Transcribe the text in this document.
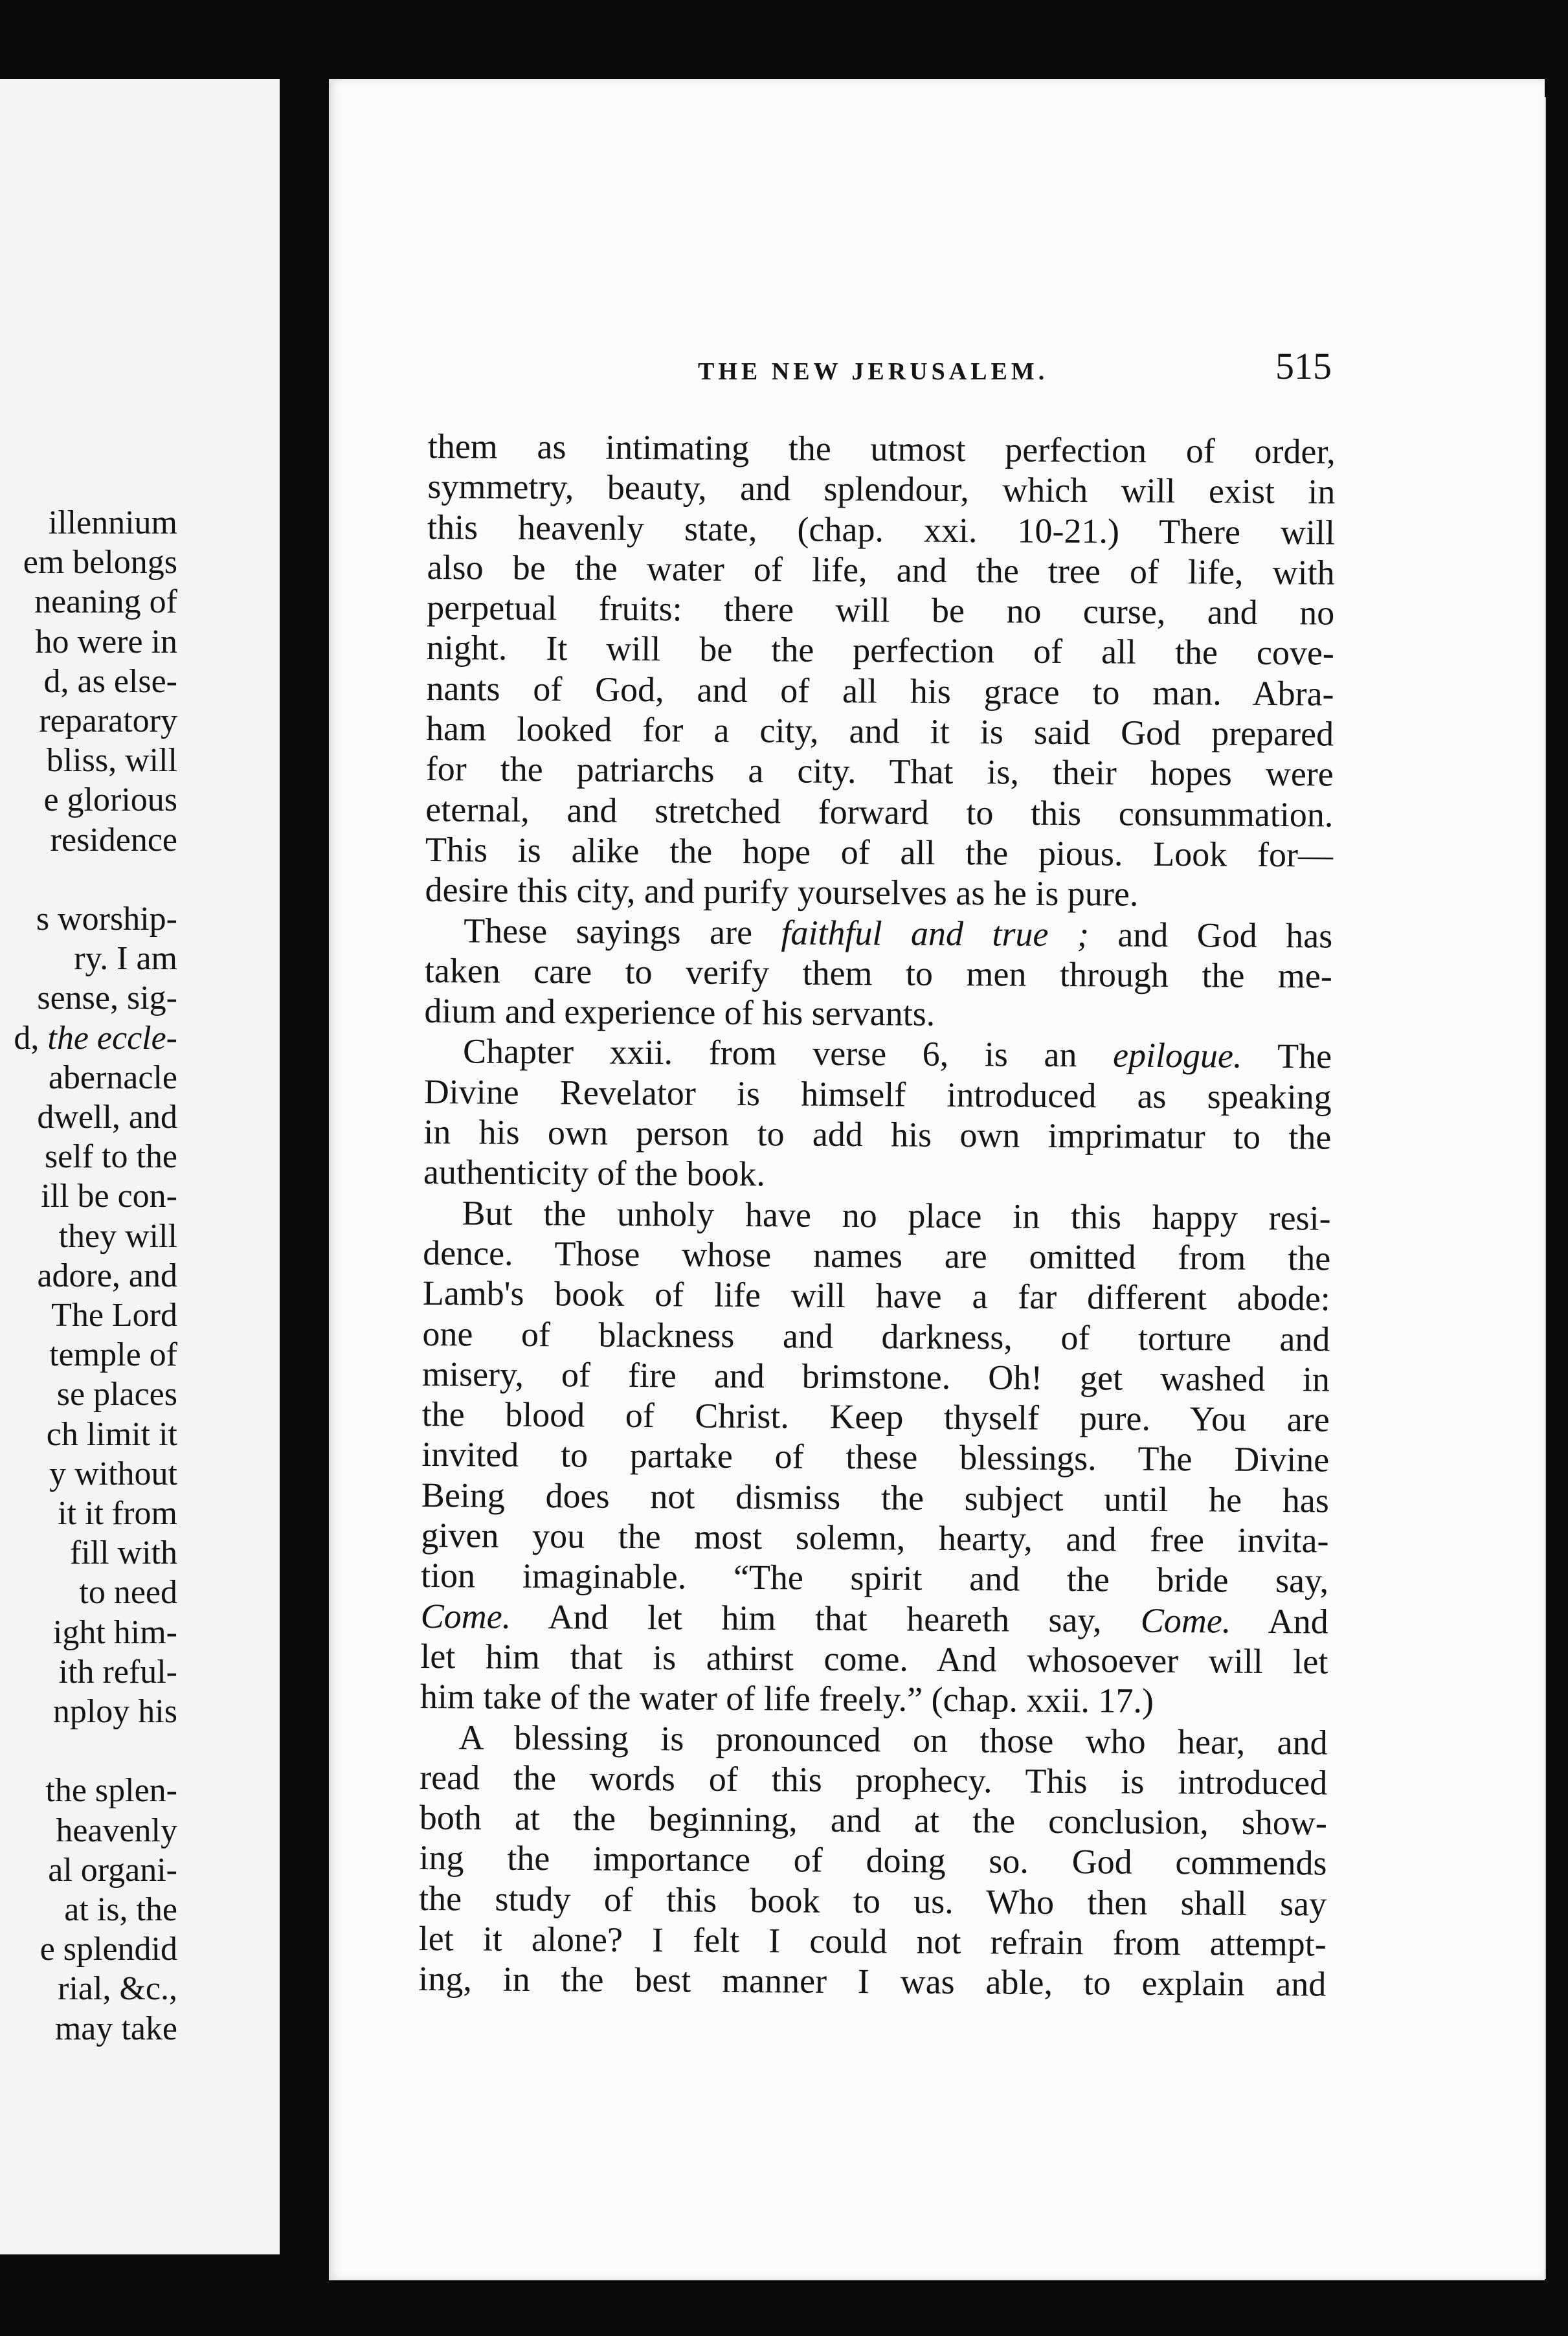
illennium
em belongs
neaning of
ho were in
d, as else-
reparatory
bliss, will
e glorious
residence

s worship-
ry. I am
sense, sig-
d, the eccle-
abernacle
dwell, and
self to the
ill be con-
they will
adore, and
The Lord
temple of
se places
ch limit it
y without
it it from
fill with
to need
ight him-
ith reful-
nploy his

the splen-
heavenly
al organi-
at is, the
e splendid
rial, &c.,
may take
THE NEW JERUSALEM.	515
them as intimating the utmost perfection of order,
symmetry, beauty, and splendour, which will exist in
this heavenly state, (chap. xxi. 10-21.) There will
also be the water of life, and the tree of life, with
perpetual fruits: there will be no curse, and no
night. It will be the perfection of all the cove-
nants of God, and of all his grace to man. Abra-
ham looked for a city, and it is said God prepared
for the patriarchs a city. That is, their hopes were
eternal, and stretched forward to this consummation.
This is alike the hope of all the pious. Look for—
desire this city, and purify yourselves as he is pure.
These sayings are faithful and true ; and God has
taken care to verify them to men through the me-
dium and experience of his servants.
Chapter xxii. from verse 6, is an epilogue. The
Divine Revelator is himself introduced as speaking
in his own person to add his own imprimatur to the
authenticity of the book.
But the unholy have no place in this happy resi-
dence. Those whose names are omitted from the
Lamb's book of life will have a far different abode:
one of blackness and darkness, of torture and
misery, of fire and brimstone. Oh! get washed in
the blood of Christ. Keep thyself pure. You are
invited to partake of these blessings. The Divine
Being does not dismiss the subject until he has
given you the most solemn, hearty, and free invita-
tion imaginable. “The spirit and the bride say,
Come. And let him that heareth say, Come. And
let him that is athirst come. And whosoever will let
him take of the water of life freely.” (chap. xxii. 17.)
A blessing is pronounced on those who hear, and
read the words of this prophecy. This is introduced
both at the beginning, and at the conclusion, show-
ing the importance of doing so. God commends
the study of this book to us. Who then shall say
let it alone? I felt I could not refrain from attempt-
ing, in the best manner I was able, to explain and
